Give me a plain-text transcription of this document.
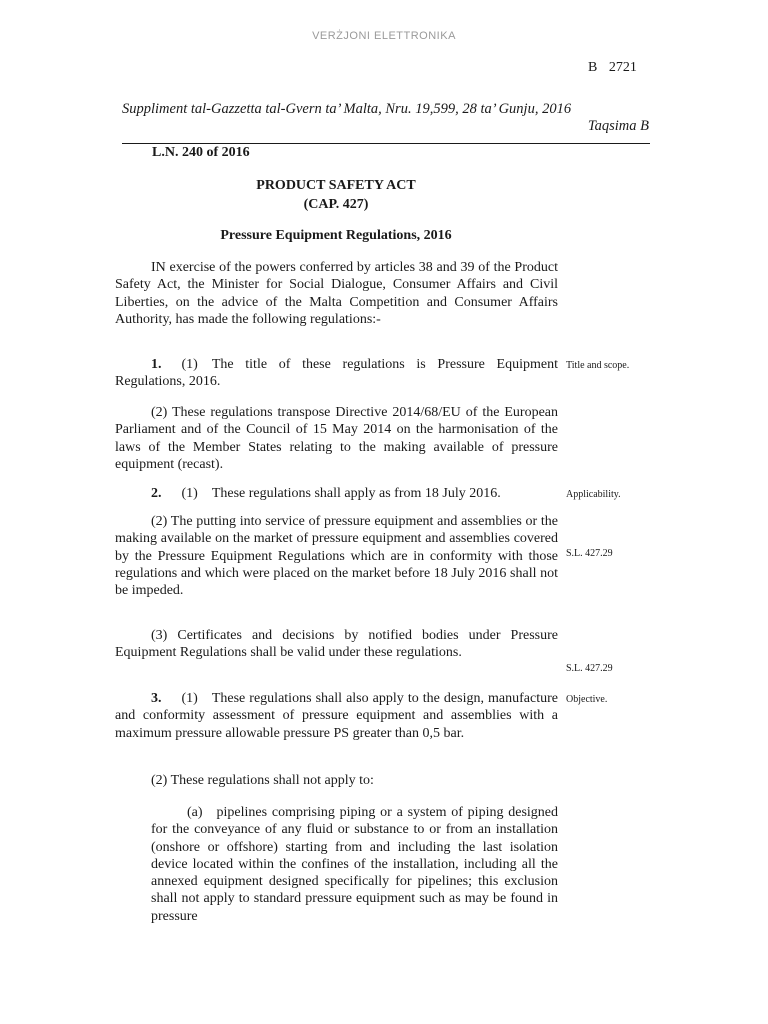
VERŻJONI ELETTRONIKA
B 2721
Suppliment tal-Gazzetta tal-Gvern ta’ Malta, Nru. 19,599, 28 ta’ Gunju, 2016
Taqsima B
L.N. 240 of 2016
PRODUCT SAFETY ACT
(CAP. 427)
Pressure Equipment Regulations, 2016
IN exercise of the powers conferred by articles 38 and 39 of the Product Safety Act, the Minister for Social Dialogue, Consumer Affairs and Civil Liberties, on the advice of the Malta Competition and Consumer Affairs Authority, has made the following regulations:-
1. (1) The title of these regulations is Pressure Equipment Regulations, 2016.
(2) These regulations transpose Directive 2014/68/EU of the European Parliament and of the Council of 15 May 2014 on the harmonisation of the laws of the Member States relating to the making available of pressure equipment (recast).
2. (1) These regulations shall apply as from 18 July 2016.
(2) The putting into service of pressure equipment and assemblies or the making available on the market of pressure equipment and assemblies covered by the Pressure Equipment Regulations which are in conformity with those regulations and which were placed on the market before 18 July 2016 shall not be impeded.
(3) Certificates and decisions by notified bodies under Pressure Equipment Regulations shall be valid under these regulations.
3. (1) These regulations shall also apply to the design, manufacture and conformity assessment of pressure equipment and assemblies with a maximum pressure allowable pressure PS greater than 0,5 bar.
(2) These regulations shall not apply to:
(a) pipelines comprising piping or a system of piping designed for the conveyance of any fluid or substance to or from an installation (onshore or offshore) starting from and including the last isolation device located within the confines of the installation, including all the annexed equipment designed specifically for pipelines; this exclusion shall not apply to standard pressure equipment such as may be found in pressure
Title and scope.
Applicability.
S.L. 427.29
S.L. 427.29
Objective.
